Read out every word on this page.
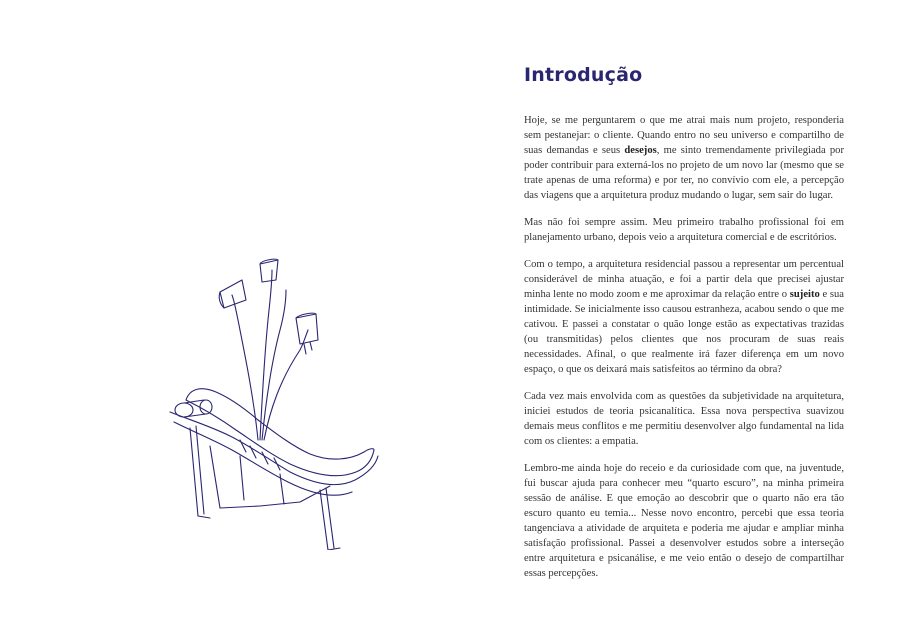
Introdução

Hoje, se me perguntarem o que me atrai mais num projeto, responderia sem pestanejar: o cliente. Quando entro no seu universo e compartilho de suas demandas e seus desejos, me sinto tremendamente privilegiada por poder contribuir para externá-los no projeto de um novo lar (mesmo que se trate apenas de uma reforma) e por ter, no convívio com ele, a percepção das viagens que a arquitetura produz mudando o lugar, sem sair do lugar.

Mas não foi sempre assim. Meu primeiro trabalho profissional foi em planejamento urbano, depois veio a arquitetura comercial e de escritórios.

Com o tempo, a arquitetura residencial passou a representar um percentual considerável de minha atuação, e foi a partir dela que precisei ajustar minha lente no modo zoom e me aproximar da relação entre o sujeito e sua intimidade. Se inicialmente isso causou estranheza, acabou sendo o que me cativou. E passei a constatar o quão longe estão as expectativas trazidas (ou transmitidas) pelos clientes que nos procuram de suas reais necessidades. Afinal, o que realmente irá fazer diferença em um novo espaço, o que os deixará mais satisfeitos ao término da obra?

Cada vez mais envolvida com as questões da subjetividade na arquitetura, iniciei estudos de teoria psicanalítica. Essa nova perspectiva suavizou demais meus conflitos e me permitiu desenvolver algo fundamental na lida com os clientes: a empatia.

Lembro-me ainda hoje do receio e da curiosidade com que, na juventude, fui buscar ajuda para conhecer meu “quarto escuro”, na minha primeira sessão de análise. E que emoção ao descobrir que o quarto não era tão escuro quanto eu temia... Nesse novo encontro, percebi que essa teoria tangenciava a atividade de arquiteta e poderia me ajudar e ampliar minha satisfação profissional. Passei a desenvolver estudos sobre a interseção entre arquitetura e psicanálise, e me veio então o desejo de compartilhar essas percepções.
